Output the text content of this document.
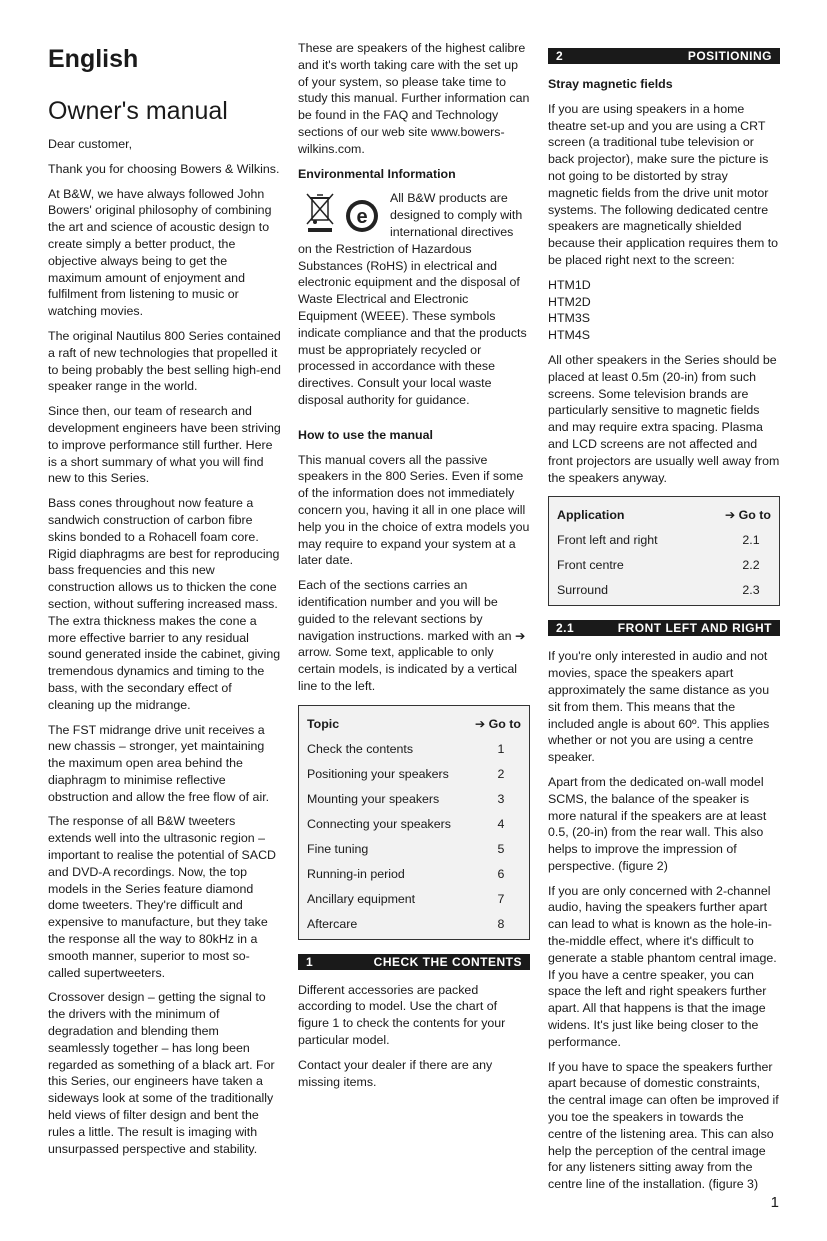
English
Owner's manual

Dear customer,

Thank you for choosing Bowers & Wilkins.

At B&W, we have always followed John Bowers' original philosophy of combining the art and science of acoustic design to create simply a better product, the objective always being to get the maximum amount of enjoyment and fulfilment from listening to music or watching movies.

The original Nautilus 800 Series contained a raft of new technologies that propelled it to being probably the best selling high-end speaker range in the world.

Since then, our team of research and development engineers have been striving to improve performance still further. Here is a short summary of what you will find new to this Series.

Bass cones throughout now feature a sandwich construction of carbon fibre skins bonded to a Rohacell foam core. Rigid diaphragms are best for reproducing bass frequencies and this new construction allows us to thicken the cone section, without suffering increased mass. The extra thickness makes the cone a more effective barrier to any residual sound generated inside the cabinet, giving tremendous dynamics and timing to the bass, with the secondary effect of cleaning up the midrange.

The FST midrange drive unit receives a new chassis – stronger, yet maintaining the maximum open area behind the diaphragm to minimise reflective obstruction and allow the free flow of air.

The response of all B&W tweeters extends well into the ultrasonic region – important to realise the potential of SACD and DVD-A recordings. Now, the top models in the Series feature diamond dome tweeters. They're difficult and expensive to manufacture, but they take the response all the way to 80kHz in a smooth manner, superior to most so-called supertweeters.

Crossover design – getting the signal to the drivers with the minimum of degradation and blending them seamlessly together – has long been regarded as something of a black art. For this Series, our engineers have taken a sideways look at some of the traditionally held views of filter design and bent the rules a little. The result is imaging with unsurpassed perspective and stability.

These are speakers of the highest calibre and it's worth taking care with the set up of your system, so please take time to study this manual. Further information can be found in the FAQ and Technology sections of our web site www.bowers-wilkins.com.

Environmental Information
e

All B&W products are designed to comply with international directives on the Restriction of Hazardous Substances (RoHS) in electrical and electronic equipment and the disposal of Waste Electrical and Electronic Equipment (WEEE). These symbols indicate compliance and that the products must be appropriately recycled or processed in accordance with these directives. Consult your local waste disposal authority for guidance.

How to use the manual

This manual covers all the passive speakers in the 800 Series. Even if some of the information does not immediately concern you, having it all in one place will help you in the choice of extra models you may require to expand your system at a later date.

Each of the sections carries an identification number and you will be guided to the relevant sections by navigation instructions. marked with an ➔ arrow. Some text, applicable to only certain models, is indicated by a vertical line to the left.

Topic	➔ Go to
Check the contents	1
Positioning your speakers	2
Mounting your speakers	3
Connecting your speakers	4
Fine tuning	5
Running-in period	6
Ancillary equipment	7
Aftercare	8
1	CHECK THE CONTENTS

Different accessories are packed according to model. Use the chart of figure 1 to check the contents for your particular model.

Contact your dealer if there are any missing items.

2	POSITIONING
Stray magnetic fields

If you are using speakers in a home theatre set-up and you are using a CRT screen (a traditional tube television or back projector), make sure the picture is not going to be distorted by stray magnetic fields from the drive unit motor systems. The following dedicated centre speakers are magnetically shielded because their application requires them to be placed right next to the screen:

HTM1D

HTM2D

HTM3S

HTM4S

All other speakers in the Series should be placed at least 0.5m (20-in) from such screens. Some television brands are particularly sensitive to magnetic fields and may require extra spacing. Plasma and LCD screens are not affected and front projectors are usually well away from the speakers anyway.

Application	➔ Go to
Front left and right	2.1
Front centre	2.2
Surround	2.3
2.1	FRONT LEFT AND RIGHT

If you're only interested in audio and not movies, space the speakers apart approximately the same distance as you sit from them. This means that the included angle is about 60º. This applies whether or not you are using a centre speaker.

Apart from the dedicated on-wall model SCMS, the balance of the speaker is more natural if the speakers are at least 0.5, (20-in) from the rear wall. This also helps to improve the impression of perspective. (figure 2)

If you are only concerned with 2-channel audio, having the speakers further apart can lead to what is known as the hole-in-the-middle effect, where it's difficult to generate a stable phantom central image. If you have a centre speaker, you can space the left and right speakers further apart. All that happens is that the image widens. It's just like being closer to the performance.

If you have to space the speakers further apart because of domestic constraints, the central image can often be improved if you toe the speakers in towards the centre of the listening area. This can also help the perception of the central image for any listeners sitting away from the centre line of the installation. (figure 3)

1
